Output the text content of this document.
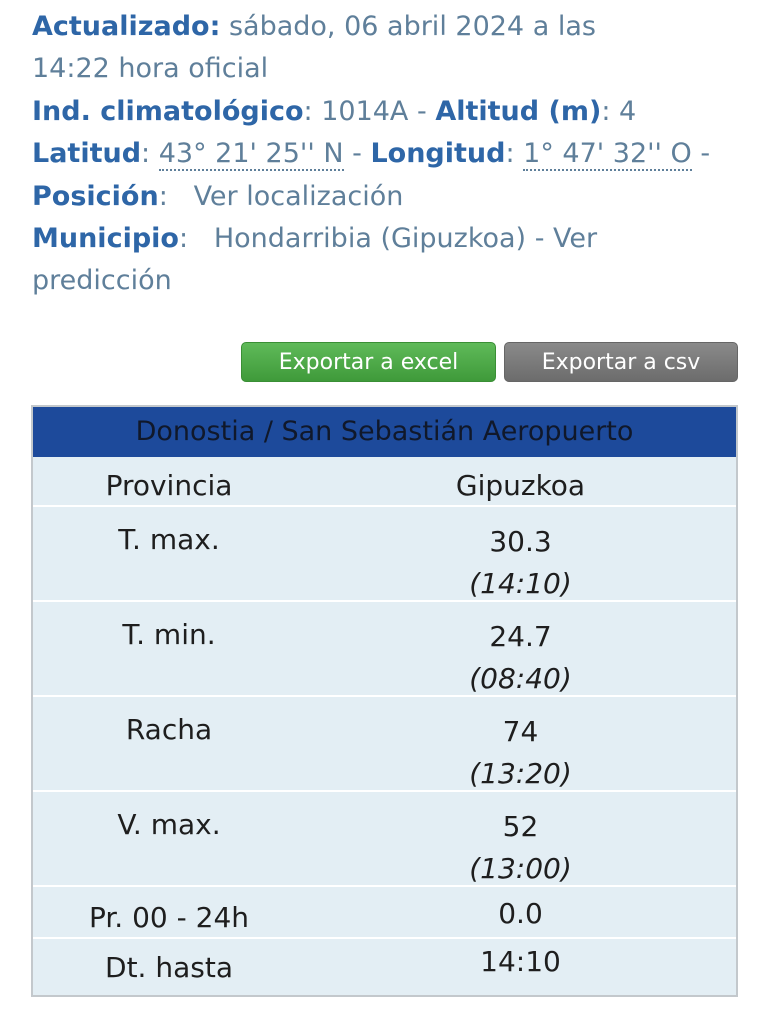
Actualizado: sábado, 06 abril 2024 a las
14:22 hora oficial
Ind. climatológico: 1014A - Altitud (m): 4
Latitud: 43° 21' 25'' N - Longitud: 1° 47' 32'' O -
Posición:   Ver localización
Municipio:   Hondarribia (Gipuzkoa) - Ver
predicción
Exportar a excel	Exportar a csv
Donostia / San Sebastián Aeropuerto
Provincia	Gipuzkoa
T. max.	30.3
(14:10)
T. min.	24.7
(08:40)
Racha	74
(13:20)
V. max.	52
(13:00)
Pr. 00 - 24h	0.0
Dt. hasta	14:10
